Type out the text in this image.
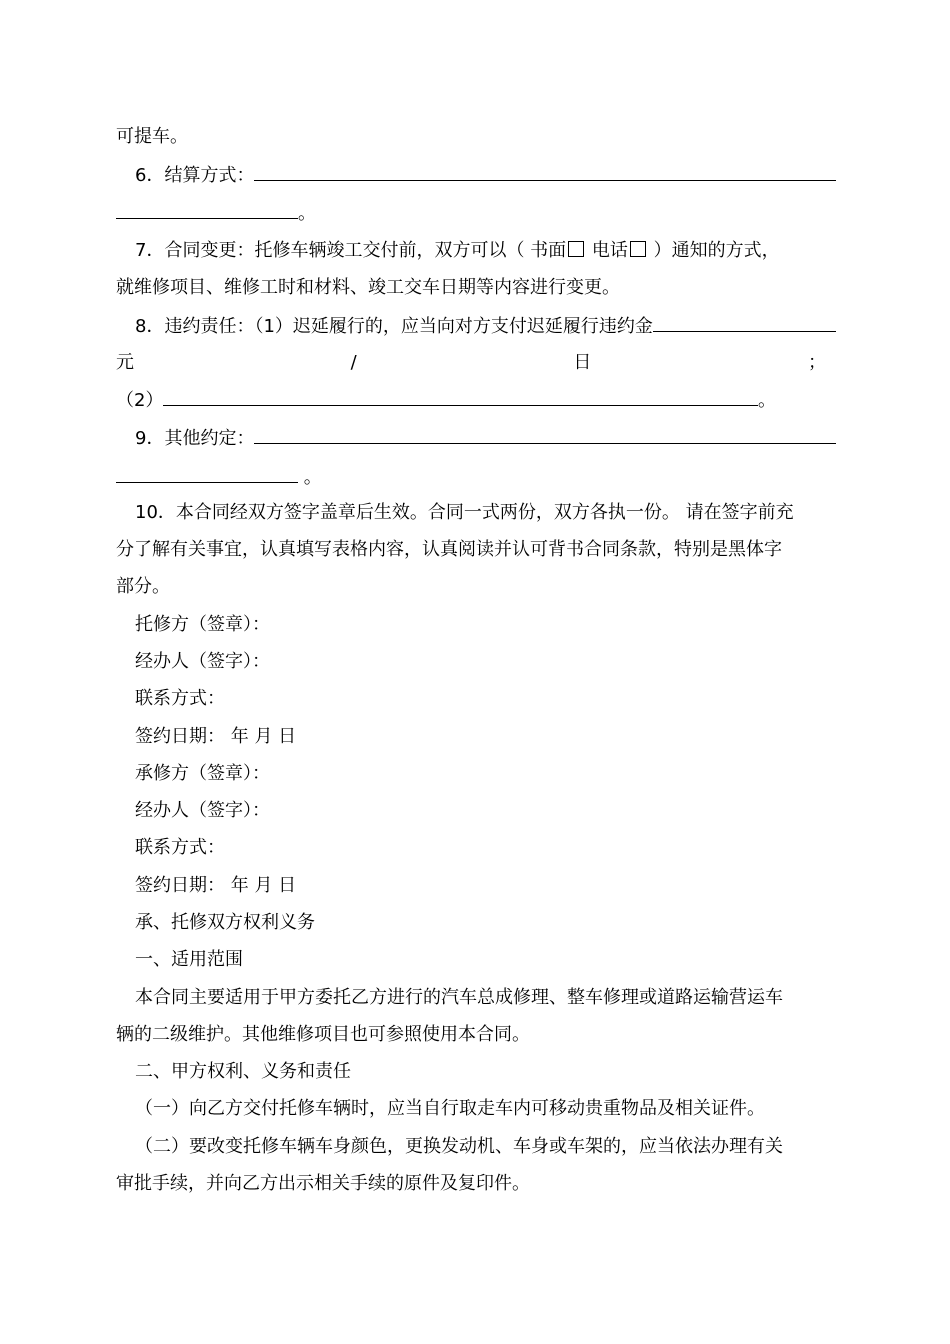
可提车。
6．结算方式：
。
7．合同变更：托修车辆竣工交付前，双方可以（ 书面 电话 ）通知的方式，
就维修项目、维修工时和材料、竣工交车日期等内容进行变更。
8．违约责任：（1）迟延履行的，应当向对方支付迟延履行违约金
元	/	日	；
（2）	。
9．其他约定：
。
10．本合同经双方签字盖章后生效。合同一式两份，双方各执一份。 请在签字前充
分了解有关事宜，认真填写表格内容，认真阅读并认可背书合同条款，特别是黑体字
部分。
托修方（签章）：
经办人（签字）：
联系方式：
签约日期： 年 月 日
承修方（签章）：
经办人（签字）：
联系方式：
签约日期： 年 月 日
承、托修双方权利义务
一、适用范围
本合同主要适用于甲方委托乙方进行的汽车总成修理、整车修理或道路运输营运车
辆的二级维护。其他维修项目也可参照使用本合同。
二、甲方权利、义务和责任
（一）向乙方交付托修车辆时，应当自行取走车内可移动贵重物品及相关证件。
（二）要改变托修车辆车身颜色，更换发动机、车身或车架的，应当依法办理有关
审批手续，并向乙方出示相关手续的原件及复印件。
